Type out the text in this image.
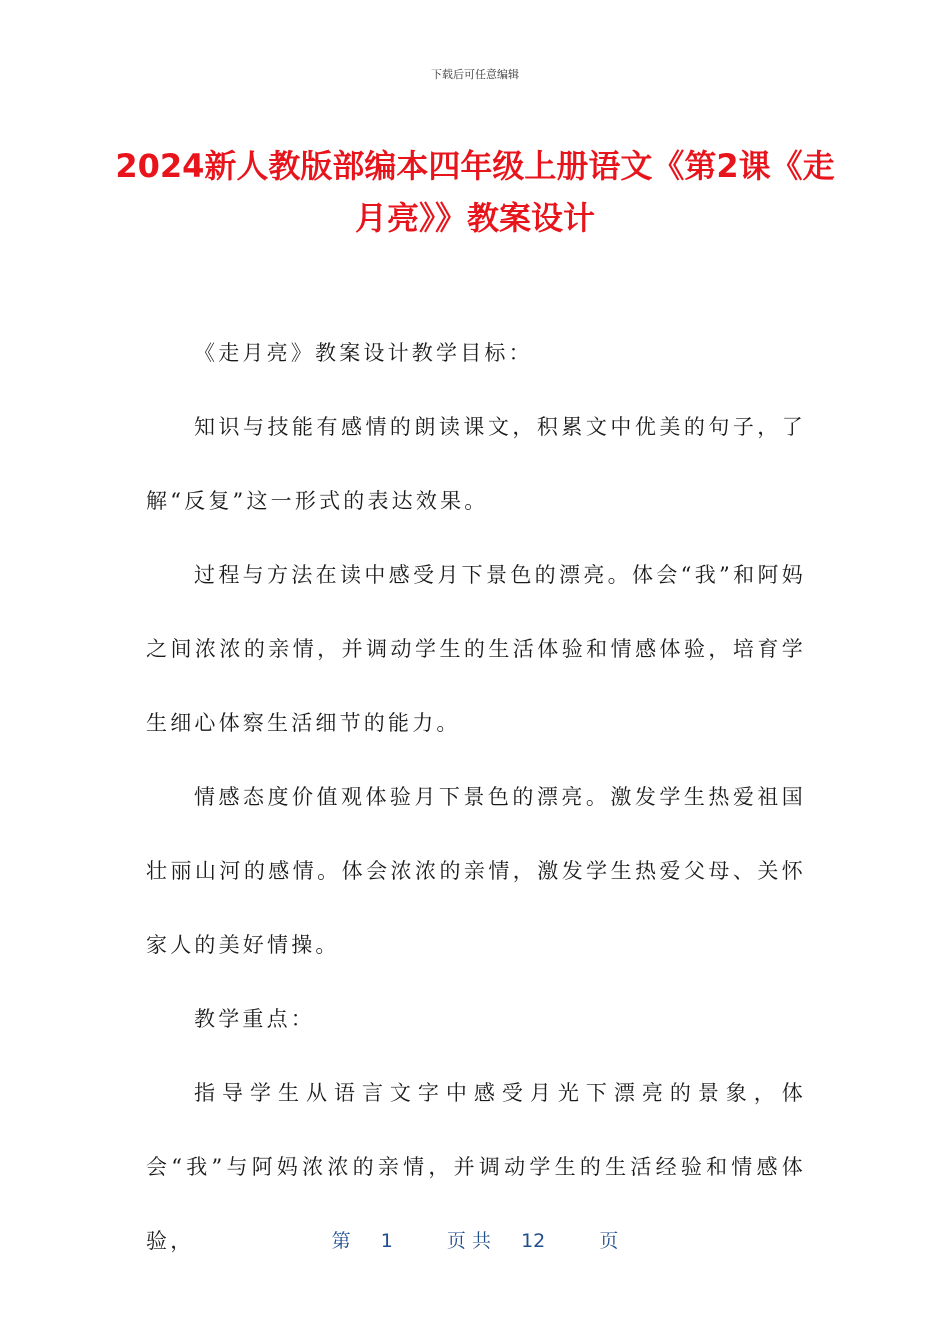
下载后可任意编辑
2024新人教版部编本四年级上册语文《第2课《走月亮》》教案设计

《走月亮》教案设计教学目标：

知识与技能有感情的朗读课文，积累文中优美的句子，了解“反复”这一形式的表达效果。

过程与方法在读中感受月下景色的漂亮。体会“我”和阿妈之间浓浓的亲情，并调动学生的生活体验和情感体验，培育学生细心体察生活细节的能力。

情感态度价值观体验月下景色的漂亮。激发学生热爱祖国壮丽山河的感情。体会浓浓的亲情，激发学生热爱父母、关怀家人的美好情操。

教学重点：

指导学生从语言文字中感受月光下漂亮的景象，体会“我”与阿妈浓浓的亲情，并调动学生的生活经验和情感体验，	第 1	页 共 12	页
